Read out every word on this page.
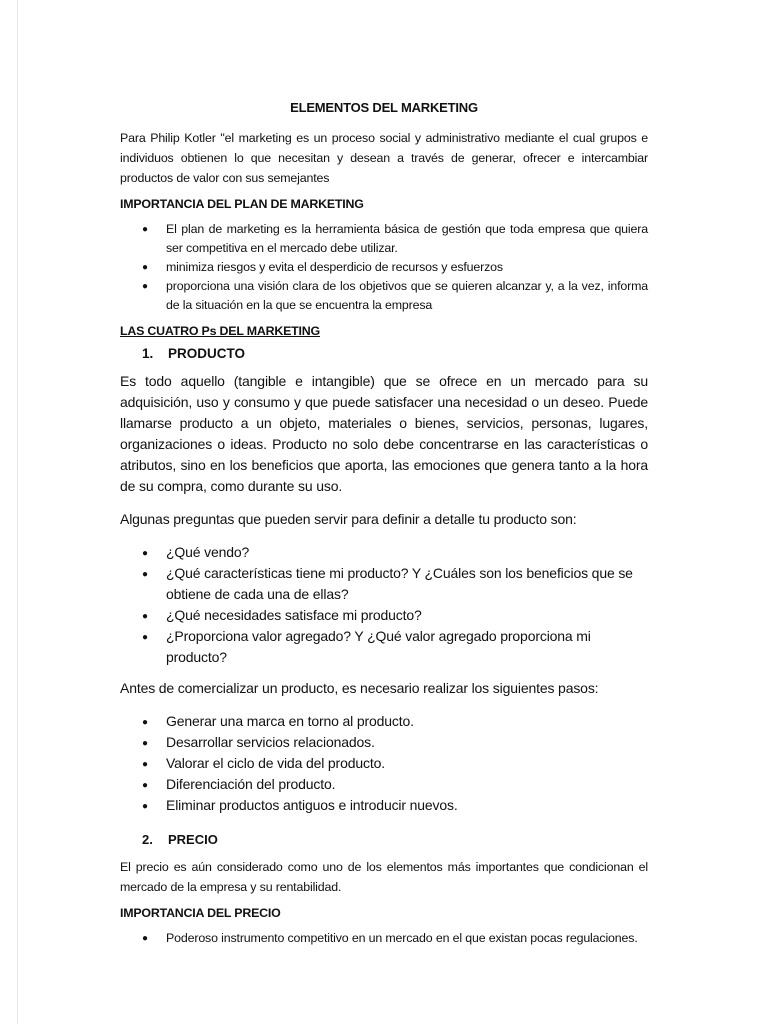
ELEMENTOS DEL MARKETING

Para Philip Kotler "el marketing es un proceso social y administrativo mediante el cual grupos e individuos obtienen lo que necesitan y desean a través de generar, ofrecer e intercambiar productos de valor con sus semejantes

IMPORTANCIA DEL PLAN DE MARKETING
● El plan de marketing es la herramienta básica de gestión que toda empresa que quiera ser competitiva en el mercado debe utilizar.
● minimiza riesgos y evita el desperdicio de recursos y esfuerzos
● proporciona una visión clara de los objetivos que se quieren alcanzar y, a la vez, informa de la situación en la que se encuentra la empresa
LAS CUATRO Ps DEL MARKETING
1. PRODUCTO

Es todo aquello (tangible e intangible) que se ofrece en un mercado para su adquisición, uso y consumo y que puede satisfacer una necesidad o un deseo. Puede llamarse producto a un objeto, materiales o bienes, servicios, personas, lugares, organizaciones o ideas. Producto no solo debe concentrarse en las características o atributos, sino en los beneficios que aporta, las emociones que genera tanto a la hora de su compra, como durante su uso.

Algunas preguntas que pueden servir para definir a detalle tu producto son:

● ¿Qué vendo?
● ¿Qué características tiene mi producto? Y ¿Cuáles son los beneficios que se obtiene de cada una de ellas?
● ¿Qué necesidades satisface mi producto?
● ¿Proporciona valor agregado? Y ¿Qué valor agregado proporciona mi producto?

Antes de comercializar un producto, es necesario realizar los siguientes pasos:

● Generar una marca en torno al producto.
● Desarrollar servicios relacionados.
● Valorar el ciclo de vida del producto.
● Diferenciación del producto.
● Eliminar productos antiguos e introducir nuevos.
2. PRECIO

El precio es aún considerado como uno de los elementos más importantes que condicionan el mercado de la empresa y su rentabilidad.

IMPORTANCIA DEL PRECIO
● Poderoso instrumento competitivo en un mercado en el que existan pocas regulaciones.
